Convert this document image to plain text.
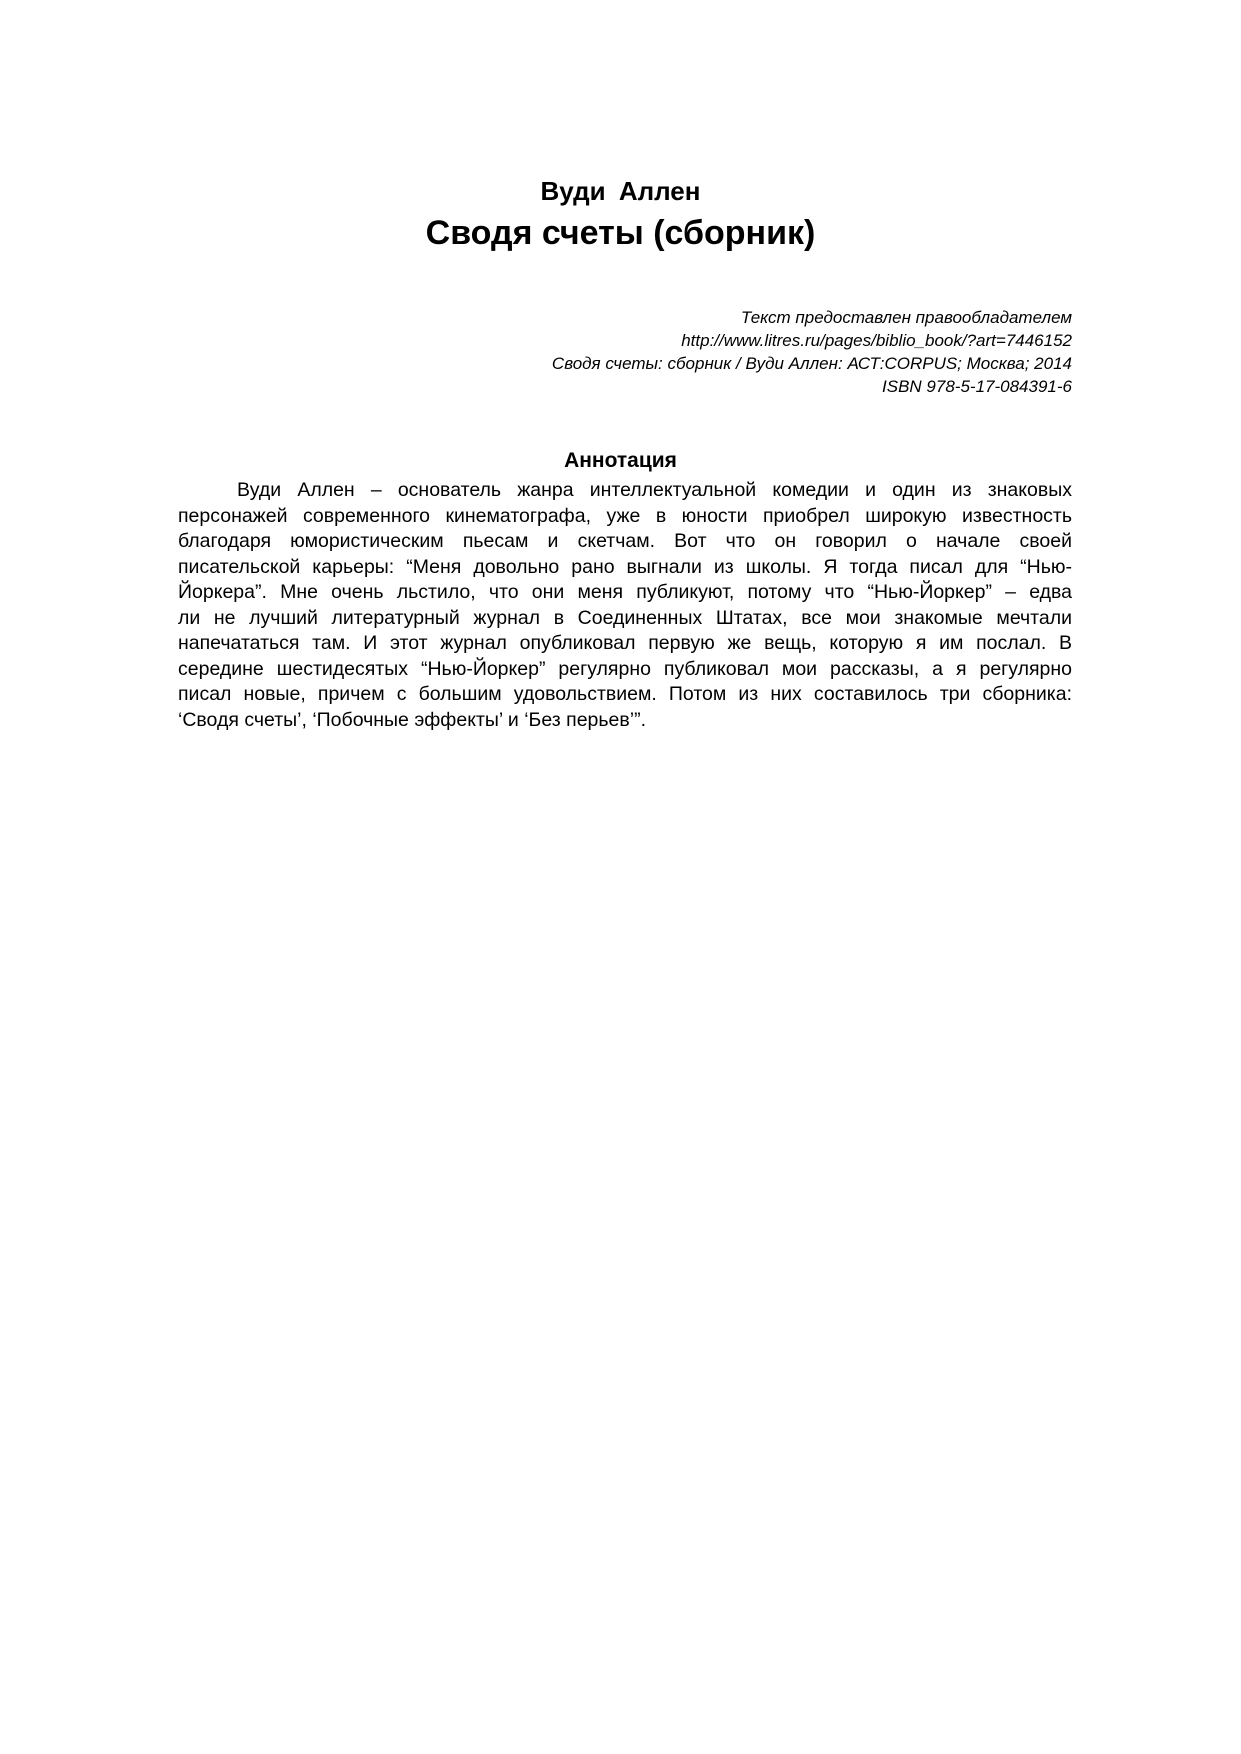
Вуди Аллен
Сводя счеты (сборник)
Текст предоставлен правообладателем
http://www.litres.ru/pages/biblio_book/?art=7446152
Сводя счеты: сборник / Вуди Аллен: АСТ:CORPUS; Москва; 2014
ISBN 978-5-17-084391-6
Аннотация
Вуди Аллен – основатель жанра интеллектуальной комедии и один из знаковых
персонажей современного кинематографа, уже в юности приобрел широкую известность
благодаря юмористическим пьесам и скетчам. Вот что он говорил о начале своей
писательской карьеры: “Меня довольно рано выгнали из школы. Я тогда писал для “Нью-
Йоркера”. Мне очень льстило, что они меня публикуют, потому что “Нью-Йоркер” – едва
ли не лучший литературный журнал в Соединенных Штатах, все мои знакомые мечтали
напечататься там. И этот журнал опубликовал первую же вещь, которую я им послал. В
середине шестидесятых “Нью-Йоркер” регулярно публиковал мои рассказы, а я регулярно
писал новые, причем с большим удовольствием. Потом из них составилось три сборника:
‘Сводя счеты’, ‘Побочные эффекты’ и ‘Без перьев’”.
